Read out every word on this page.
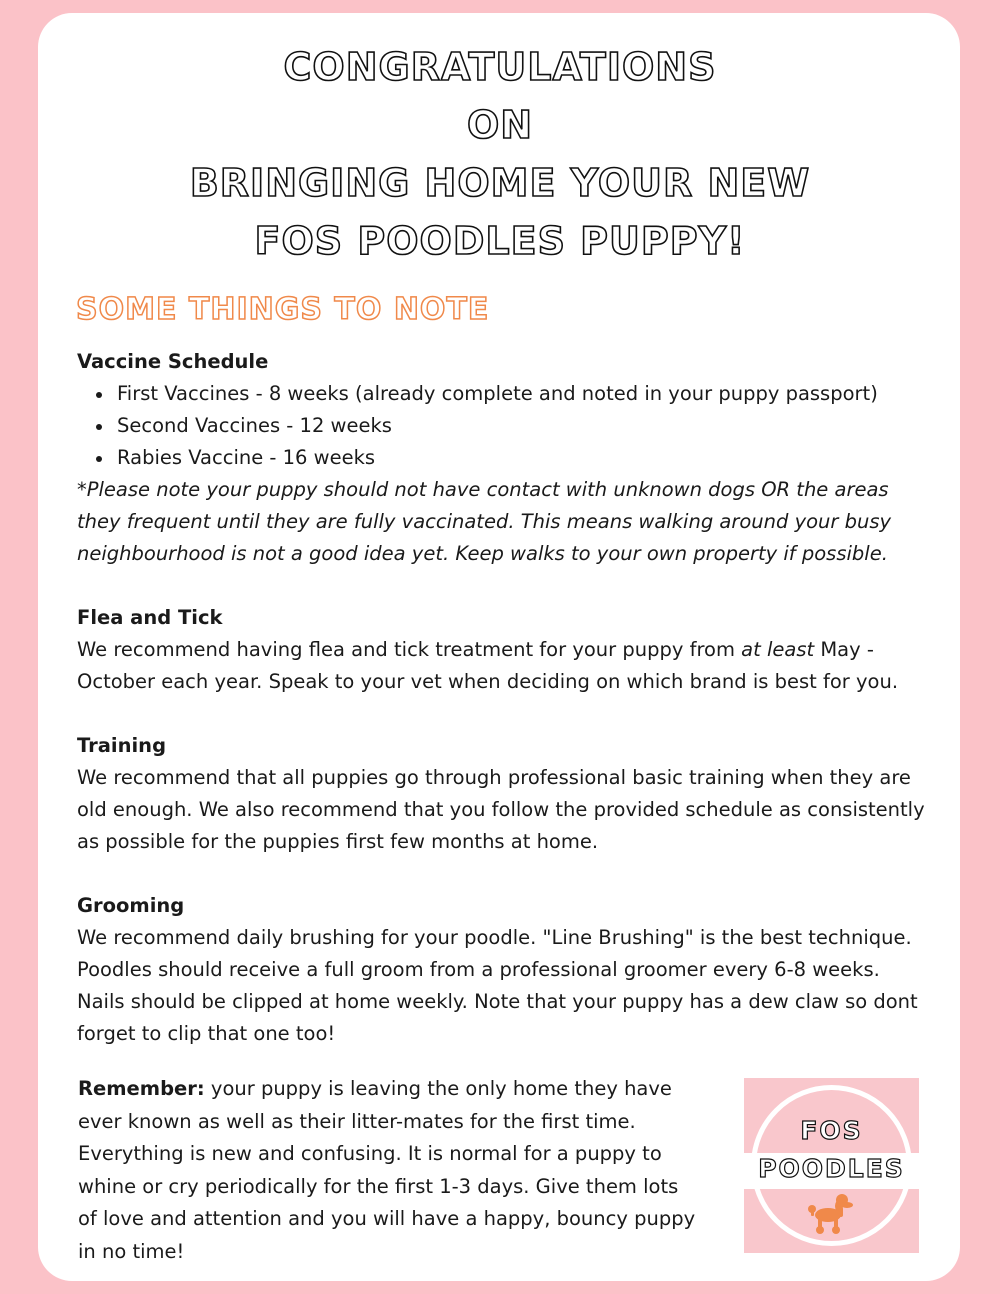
CONGRATULATIONS
ON
BRINGING HOME YOUR NEW
FOS POODLES PUPPY!
SOME THINGS TO NOTE
Vaccine Schedule
First Vaccines - 8 weeks (already complete and noted in your puppy passport)
Second Vaccines - 12 weeks
Rabies Vaccine - 16 weeks

*Please note your puppy should not have contact with unknown dogs OR the areas they frequent until they are fully vaccinated. This means walking around your busy neighbourhood is not a good idea yet. Keep walks to your own property if possible.

Flea and Tick

We recommend having flea and tick treatment for your puppy from at least May - October each year. Speak to your vet when deciding on which brand is best for you.

Training

We recommend that all puppies go through professional basic training when they are old enough. We also recommend that you follow the provided schedule as consistently as possible for the puppies first few months at home.

Grooming

We recommend daily brushing for your poodle. "Line Brushing" is the best technique. Poodles should receive a full groom from a professional groomer every 6-8 weeks. Nails should be clipped at home weekly. Note that your puppy has a dew claw so dont forget to clip that one too!

Remember: your puppy is leaving the only home they have ever known as well as their litter-mates for the first time. Everything is new and confusing. It is normal for a puppy to whine or cry periodically for the first 1-3 days. Give them lots of love and attention and you will have a happy, bouncy puppy in no time!
FOS
POODLES
